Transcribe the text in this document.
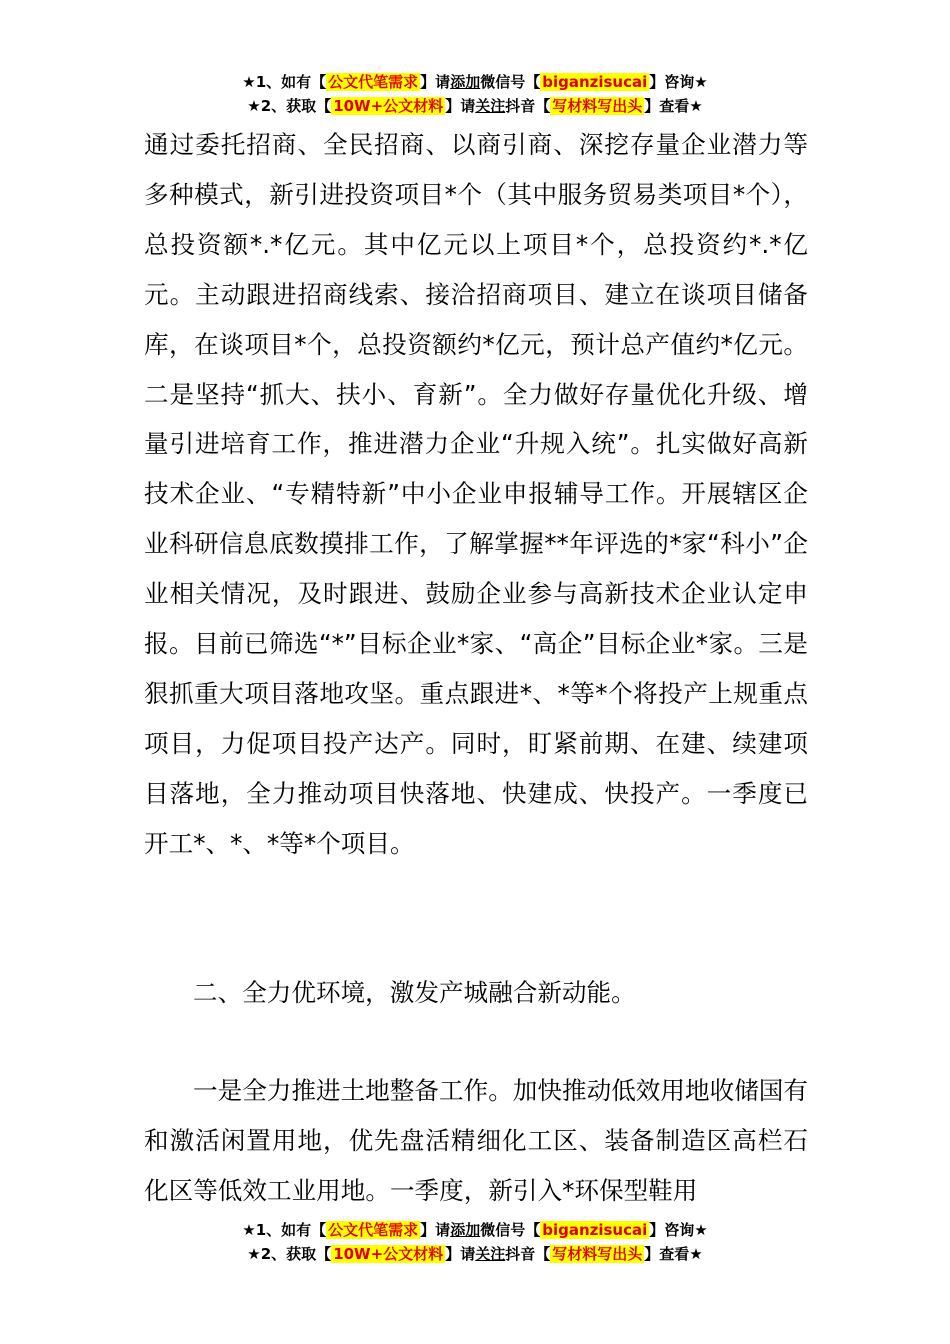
★1、如有【 公文代笔需求 】请添加微信号【 biganzisucai 】咨询★
★2、获取【 10W+公文材料 】请关注抖音【 写材料写出头 】查看★

通过委托招商、全民招商、以商引商、深挖存量企业潜力等多种模式，新引进投资项目*个（其中服务贸易类项目*个），总投资额*.*亿元。其中亿元以上项目*个，总投资约*.*亿元。主动跟进招商线索、接洽招商项目、建立在谈项目储备库，在谈项目*个，总投资额约*亿元，预计总产值约*亿元。二是坚持“抓大、扶小、育新”。全力做好存量优化升级、增量引进培育工作，推进潜力企业“升规入统”。扎实做好高新技术企业、“专精特新”中小企业申报辅导工作。开展辖区企业科研信息底数摸排工作，了解掌握**年评选的*家“科小”企业相关情况，及时跟进、鼓励企业参与高新技术企业认定申报。目前已筛选“*”目标企业*家、“高企”目标企业*家。三是狠抓重大项目落地攻坚。重点跟进*、*等*个将投产上规重点项目，力促项目投产达产。同时，盯紧前期、在建、续建项目落地，全力推动项目快落地、快建成、快投产。一季度已开工*、*、*等*个项目。

二、全力优环境，激发产城融合新动能。

一是全力推进土地整备工作。加快推动低效用地收储国有和激活闲置用地，优先盘活精细化工区、装备制造区高栏石化区等低效工业用地。一季度，新引入*环保型鞋用

★1、如有【 公文代笔需求 】请添加微信号【 biganzisucai 】咨询★
★2、获取【 10W+公文材料 】请关注抖音【 写材料写出头 】查看★
